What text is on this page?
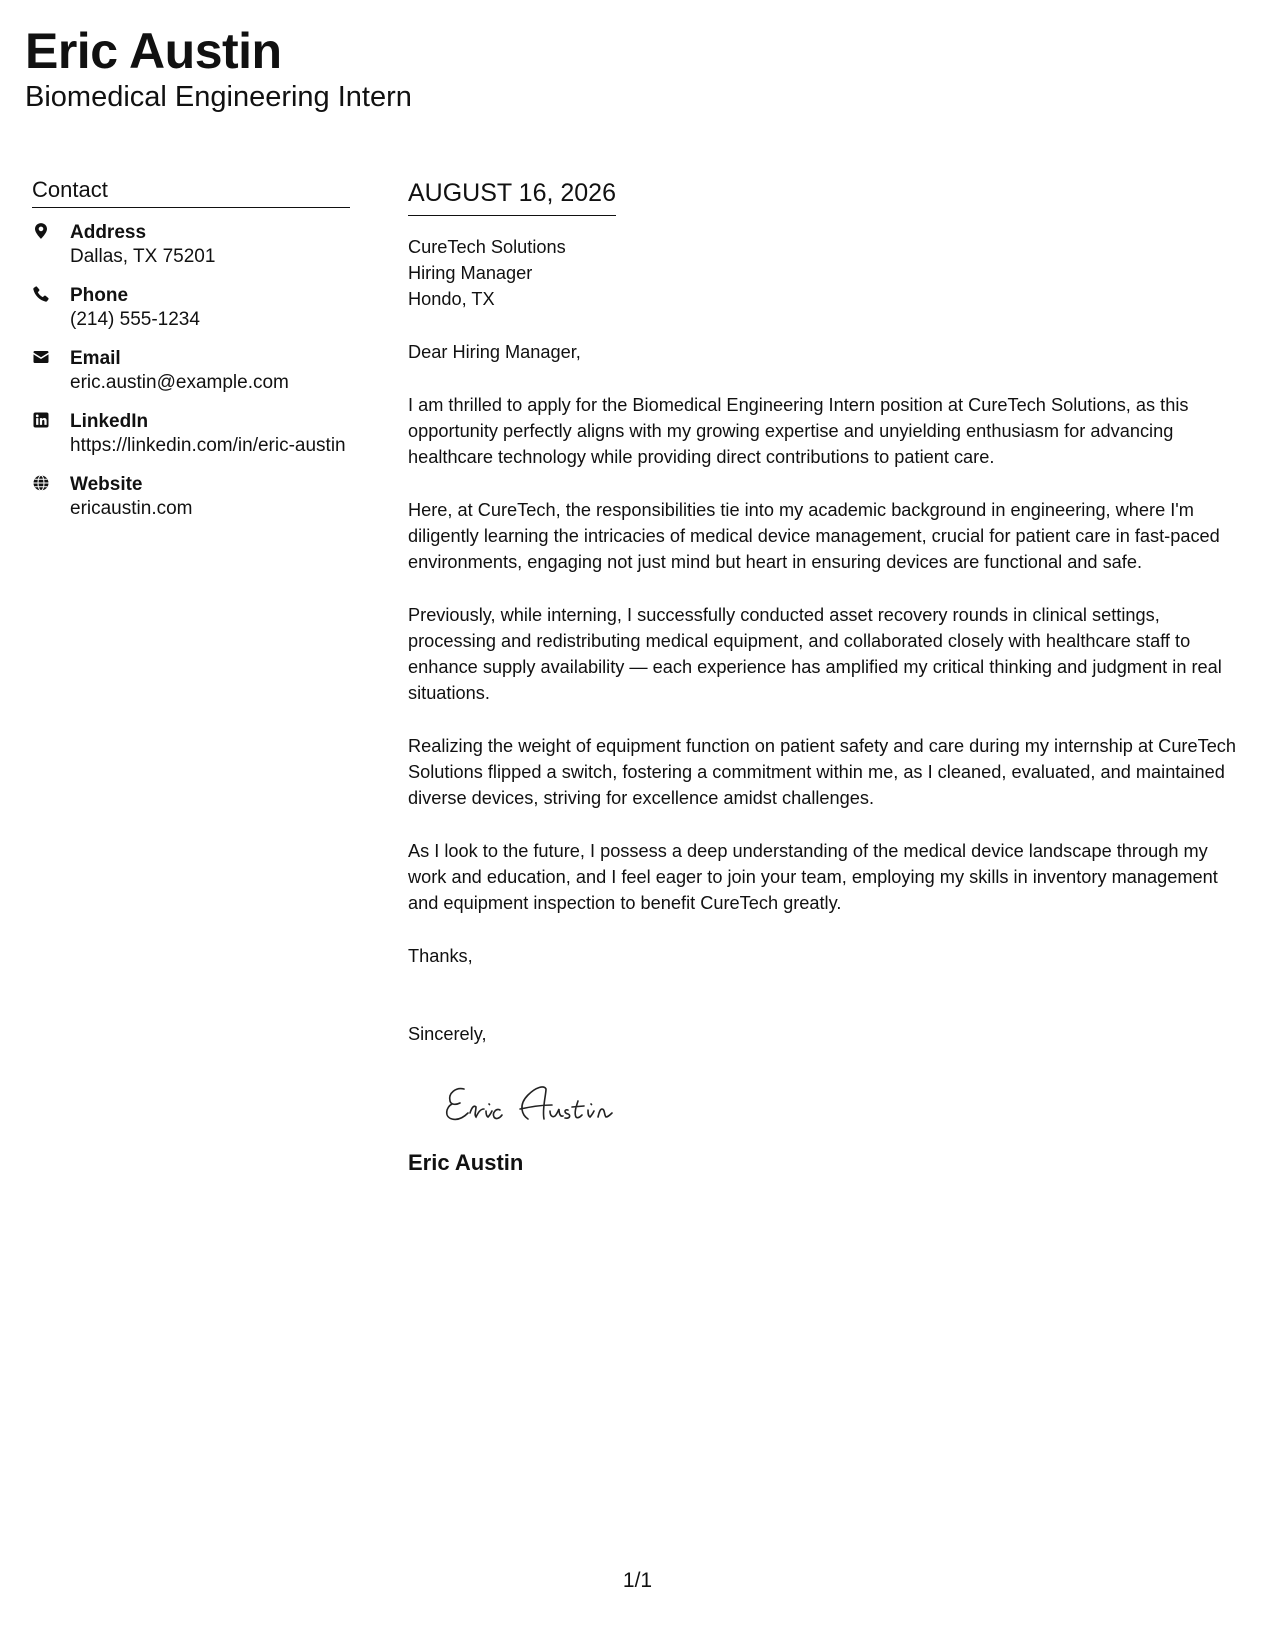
Eric Austin
Biomedical Engineering Intern
Contact
Address
Dallas, TX 75201
Phone
(214) 555-1234
Email
eric.austin@example.com
LinkedIn
https://linkedin.com/in/eric-austin
Website
ericaustin.com
AUGUST 16, 2026
CureTech Solutions
Hiring Manager
Hondo, TX

Dear Hiring Manager,

I am thrilled to apply for the Biomedical Engineering Intern position at CureTech Solutions, as this opportunity perfectly aligns with my growing expertise and unyielding enthusiasm for advancing healthcare technology while providing direct contributions to patient care.

Here, at CureTech, the responsibilities tie into my academic background in engineering, where I'm diligently learning the intricacies of medical device management, crucial for patient care in fast-paced environments, engaging not just mind but heart in ensuring devices are functional and safe.

Previously, while interning, I successfully conducted asset recovery rounds in clinical settings, processing and redistributing medical equipment, and collaborated closely with healthcare staff to enhance supply availability — each experience has amplified my critical thinking and judgment in real situations.

Realizing the weight of equipment function on patient safety and care during my internship at CureTech Solutions flipped a switch, fostering a commitment within me, as I cleaned, evaluated, and maintained diverse devices, striving for excellence amidst challenges.

As I look to the future, I possess a deep understanding of the medical device landscape through my work and education, and I feel eager to join your team, employing my skills in inventory management and equipment inspection to benefit CureTech greatly.

Thanks,

Sincerely,

Eric Austin
1/1
